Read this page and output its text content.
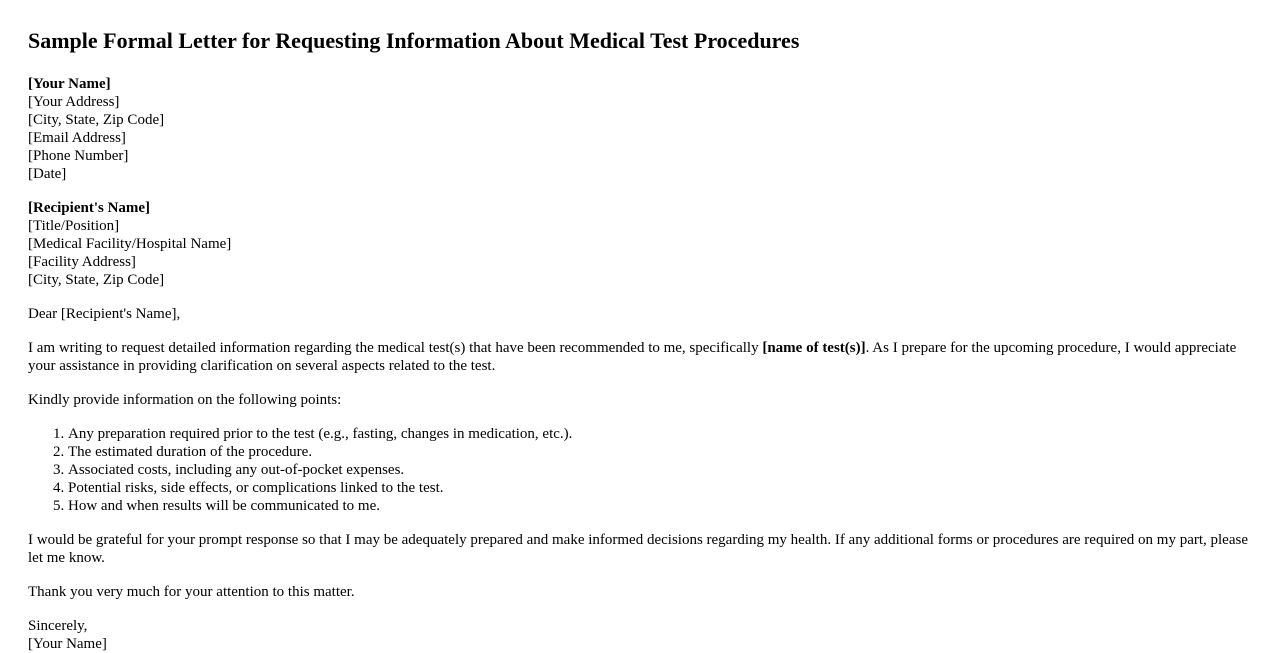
Sample Formal Letter for Requesting Information About Medical Test Procedures
[Your Name]
[Your Address]
[City, State, Zip Code]
[Email Address]
[Phone Number]
[Date]
[Recipient's Name]
[Title/Position]
[Medical Facility/Hospital Name]
[Facility Address]
[City, State, Zip Code]
Dear [Recipient's Name],
I am writing to request detailed information regarding the medical test(s) that have been recommended to me, specifically [name of test(s)]. As I prepare for the upcoming procedure, I would appreciate your assistance in providing clarification on several aspects related to the test.
Kindly provide information on the following points:
1. Any preparation required prior to the test (e.g., fasting, changes in medication, etc.).
2. The estimated duration of the procedure.
3. Associated costs, including any out-of-pocket expenses.
4. Potential risks, side effects, or complications linked to the test.
5. How and when results will be communicated to me.
I would be grateful for your prompt response so that I may be adequately prepared and make informed decisions regarding my health. If any additional forms or procedures are required on my part, please let me know.
Thank you very much for your attention to this matter.
Sincerely,
[Your Name]
